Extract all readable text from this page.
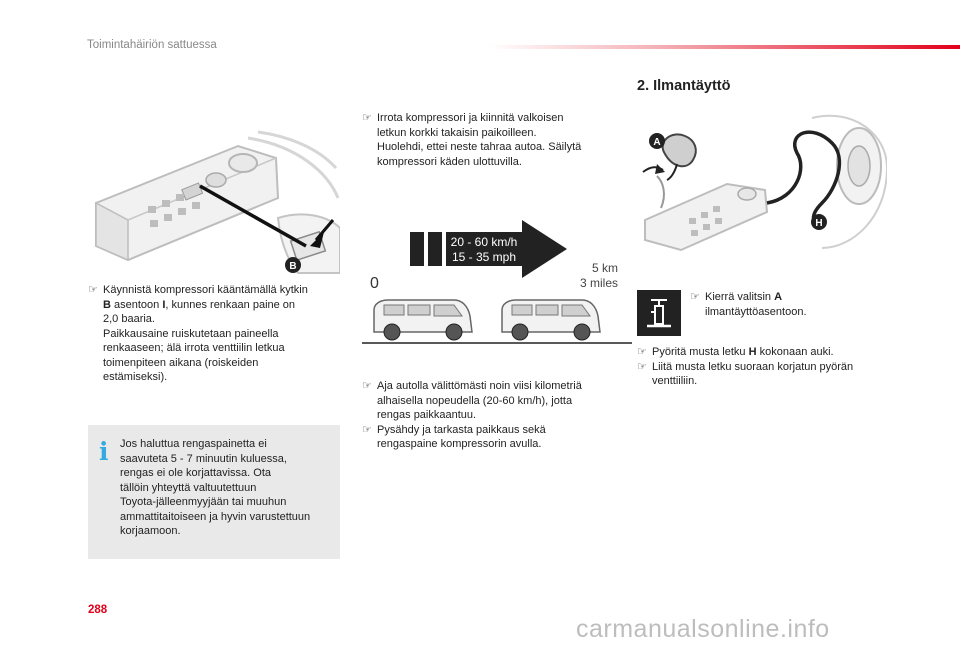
Toimintahäiriön sattuessa
B
☞ Käynnistä kompressori kääntämällä kytkin
B asentoon I, kunnes renkaan paine on
2,0 baaria.
Paikkausaine ruiskutetaan paineella
renkaaseen; älä irrota venttiilin letkua
toimenpiteen aikana (roiskeiden
estämiseksi).
i Jos haluttua rengaspainetta ei
saavuteta 5 - 7 minuutin kuluessa,
rengas ei ole korjattavissa. Ota
tällöin yhteyttä valtuutettuun
Toyota-jälleenmyyjään tai muuhun
ammattitaitoiseen ja hyvin varustettuun
korjaamoon.
☞ Irrota kompressori ja kiinnitä valkoisen
letkun korkki takaisin paikoilleen.
Huolehdi, ettei neste tahraa autoa. Säilytä
kompressori käden ulottuvilla.
20 - 60 km/h
15 - 35 mph
0
5 km
3 miles
☞ Aja autolla välittömästi noin viisi kilometriä
alhaisella nopeudella (20-60 km/h), jotta
rengas paikkaantuu.
☞ Pysähdy ja tarkasta paikkaus sekä
rengaspaine kompressorin avulla.
2. Ilmantäyttö
A
H
☞ Kierrä valitsin A
ilmantäyttöasentoon.
☞ Pyöritä musta letku H kokonaan auki.
☞ Liitä musta letku suoraan korjatun pyörän
venttiiliin.
288
carmanualsonline.info
